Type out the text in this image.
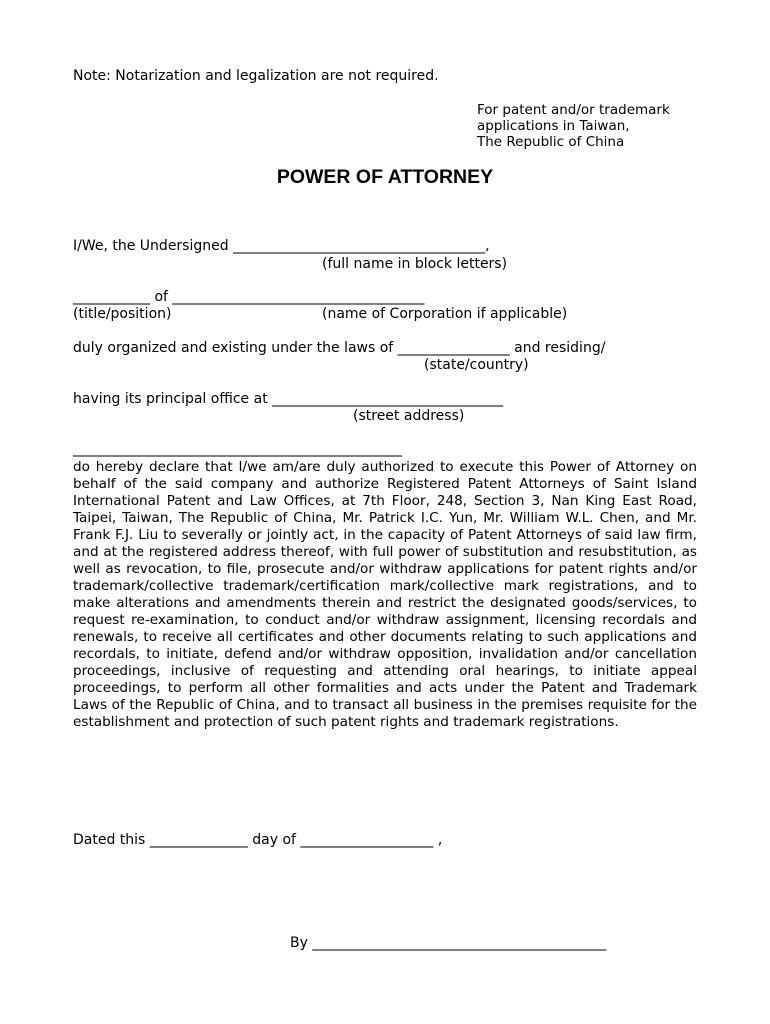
Note: Notarization and legalization are not required.

For patent and/or trademark
applications in Taiwan,
The Republic of China
POWER OF ATTORNEY

I/We, the Undersigned ____________________________________,

(full name in block letters)

___________ of ____________________________________

(title/position)	(name of Corporation if applicable)

duly organized and existing under the laws of ________________ and residing/

(state/country)

having its principal office at _________________________________

(street address)

_______________________________________________

do hereby declare that I/we am/are duly authorized to execute this Power of Attorney on behalf of the said company and authorize Registered Patent Attorneys of Saint Island International Patent and Law Offices, at 7th Floor, 248, Section 3, Nan King East Road, Taipei, Taiwan, The Republic of China, Mr. Patrick I.C. Yun, Mr. William W.L. Chen, and Mr. Frank F.J. Liu to severally or jointly act, in the capacity of Patent Attorneys of said law firm, and at the registered address thereof, with full power of substitution and resubstitution, as well as revocation, to file, prosecute and/or withdraw applications for patent rights and/or trademark/collective trademark/certification mark/collective mark registrations, and to make alterations and amendments therein and restrict the designated goods/services, to request re-examination, to conduct and/or withdraw assignment, licensing recordals and renewals, to receive all certificates and other documents relating to such applications and recordals, to initiate, defend and/or withdraw opposition, invalidation and/or cancellation proceedings, inclusive of requesting and attending oral hearings, to initiate appeal proceedings, to perform all other formalities and acts under the Patent and Trademark Laws of the Republic of China, and to transact all business in the premises requisite for the establishment and protection of such patent rights and trademark registrations.

Dated this ______________ day of ___________________ ,

By __________________________________________
